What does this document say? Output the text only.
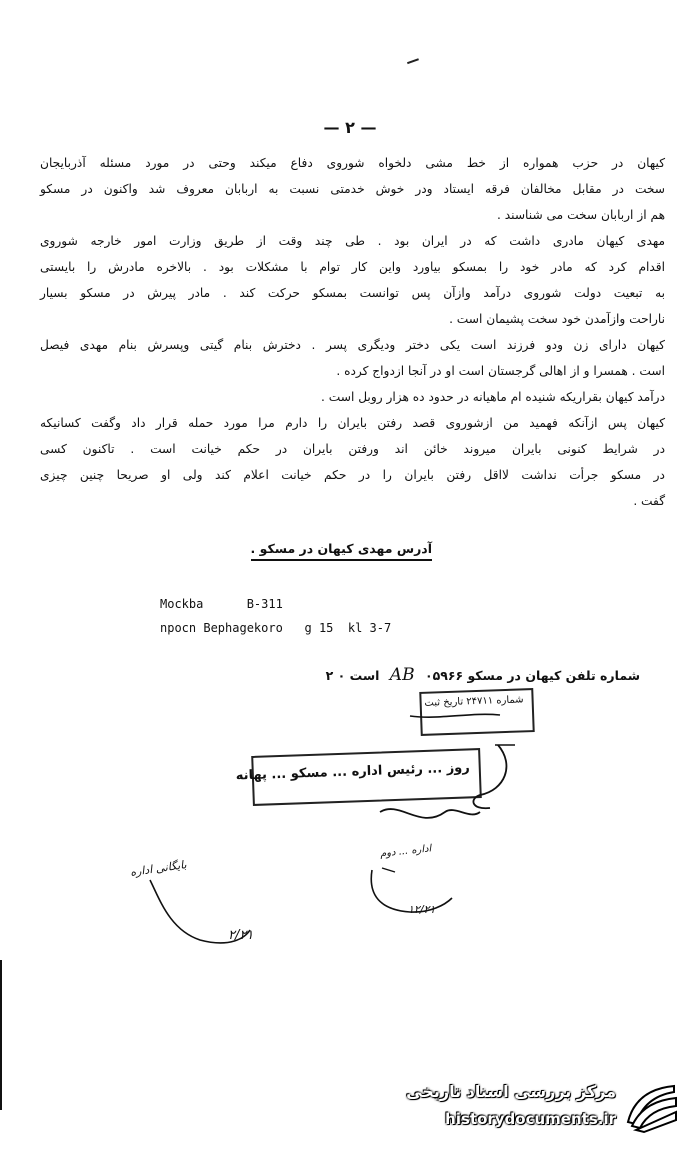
— ۲ —
کیهان در حزب همواره از خط مشی دلخواه شوروی دفاع میکند وحتی در مورد مسئله آذربایجان
سخت در مقابل مخالفان فرقه ایستاد ودر خوش خدمتی نسبت به اربابان معروف شد واکنون در مسکو
هم از اربابان سخت می شناسند .
مهدی کیهان مادری داشت که در ایران بود . طی چند وقت از طریق وزارت امور خارجه شوروی
اقدام کرد که مادر خود را بمسکو بیاورد واین کار توام با مشکلات بود . بالاخره مادرش را بایستی
به تبعیت دولت شوروی درآمد وازآن پس توانست بمسکو حرکت کند . مادر پیرش در مسکو بسیار
ناراحت وازآمدن خود سخت پشیمان است .
کیهان دارای زن ودو فرزند است یکی دختر ودیگری پسر . دخترش بنام گیتی وپسرش بنام مهدی فیصل
است . همسرا و از اهالی گرجستان است او در آنجا ازدواج کرده .
درآمد کیهان بقراریکه شنیده ام ماهیانه در حدود ده هزار روبل است .
کیهان پس ازآنکه فهمید من ازشوروی قصد رفتن بایران را دارم مرا مورد حمله قرار داد وگفت کسانیکه
در شرایط کنونی بایران میروند خائن اند ورفتن بایران در حکم خیانت است . تاکنون کسی
در مسکو جرأت نداشت لااقل رفتن بایران را در حکم خیانت اعلام کند ولی او صریحا چنین چیزی
گفت .
آدرس مهدی کیهان در مسکو .
Mockba      B-311
npocn Bephagekoro   g 15  kl 3-7
شماره تلفن کیهان در مسکو ۰۵۹۶۶ AB است ۰ ۲
شماره ۲۴۷۱۱ تاریخ ثبت
روز ... رئیس اداره ... مسکو ... پهانه
بایگانی اداره
اداره ... دوم
۲/۲۱
۱۲/۲۱
مرکز بررسی اسناد تاریخی
historydocuments.ir
